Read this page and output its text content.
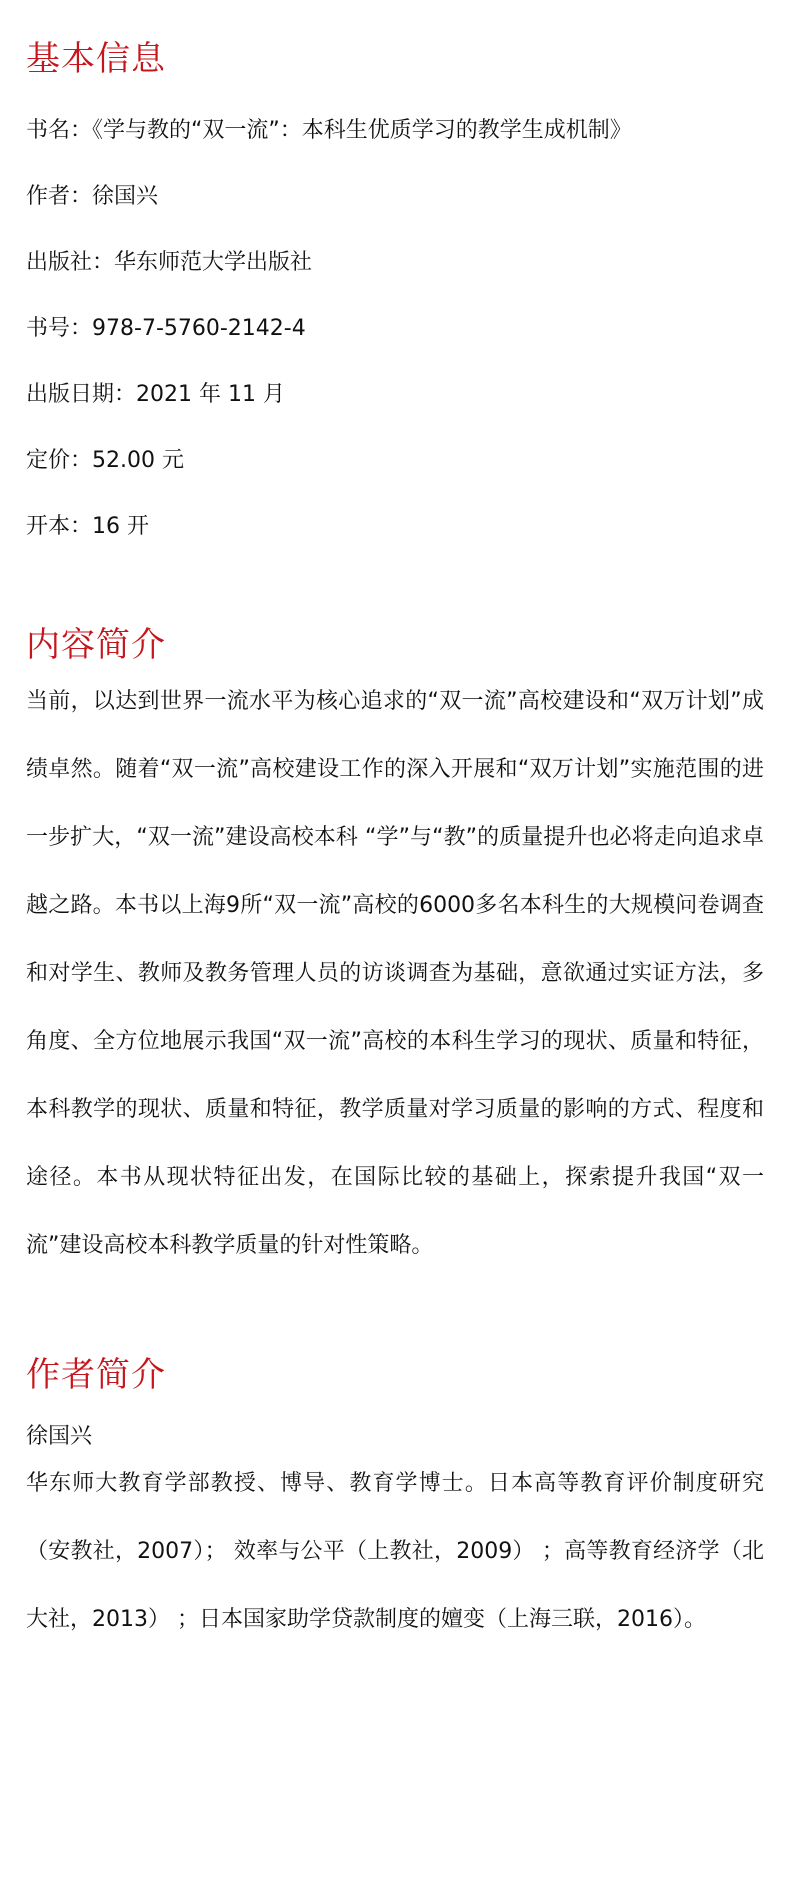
基本信息

书名：《学与教的“双一流”：本科生优质学习的教学生成机制》

作者：徐国兴

出版社：华东师范大学出版社

书号：978-7-5760-2142-4

出版日期：2021 年 11 月

定价：52.00 元

开本：16 开

内容简介

当前，以达到世界一流水平为核心追求的“双一流”高校建设和“双万计划”成绩卓然。随着“双一流”高校建设工作的深入开展和“双万计划”实施范围的进一步扩大，“双一流”建设高校本科 “学”与“教”的质量提升也必将走向追求卓越之路。本书以上海9所“双一流”高校的6000多名本科生的大规模问卷调查和对学生、教师及教务管理人员的访谈调查为基础，意欲通过实证方法，多角度、全方位地展示我国“双一流”高校的本科生学习的现状、质量和特征，本科教学的现状、质量和特征，教学质量对学习质量的影响的方式、程度和途径。本书从现状特征出发，在国际比较的基础上，探索提升我国“双一流”建设高校本科教学质量的针对性策略。

作者简介

徐国兴

华东师大教育学部教授、博导、教育学博士。日本高等教育评价制度研究（安教社，2007）； 效率与公平（上教社，2009） ；高等教育经济学（北大社，2013） ；日本国家助学贷款制度的嬗变（上海三联，2016）。
